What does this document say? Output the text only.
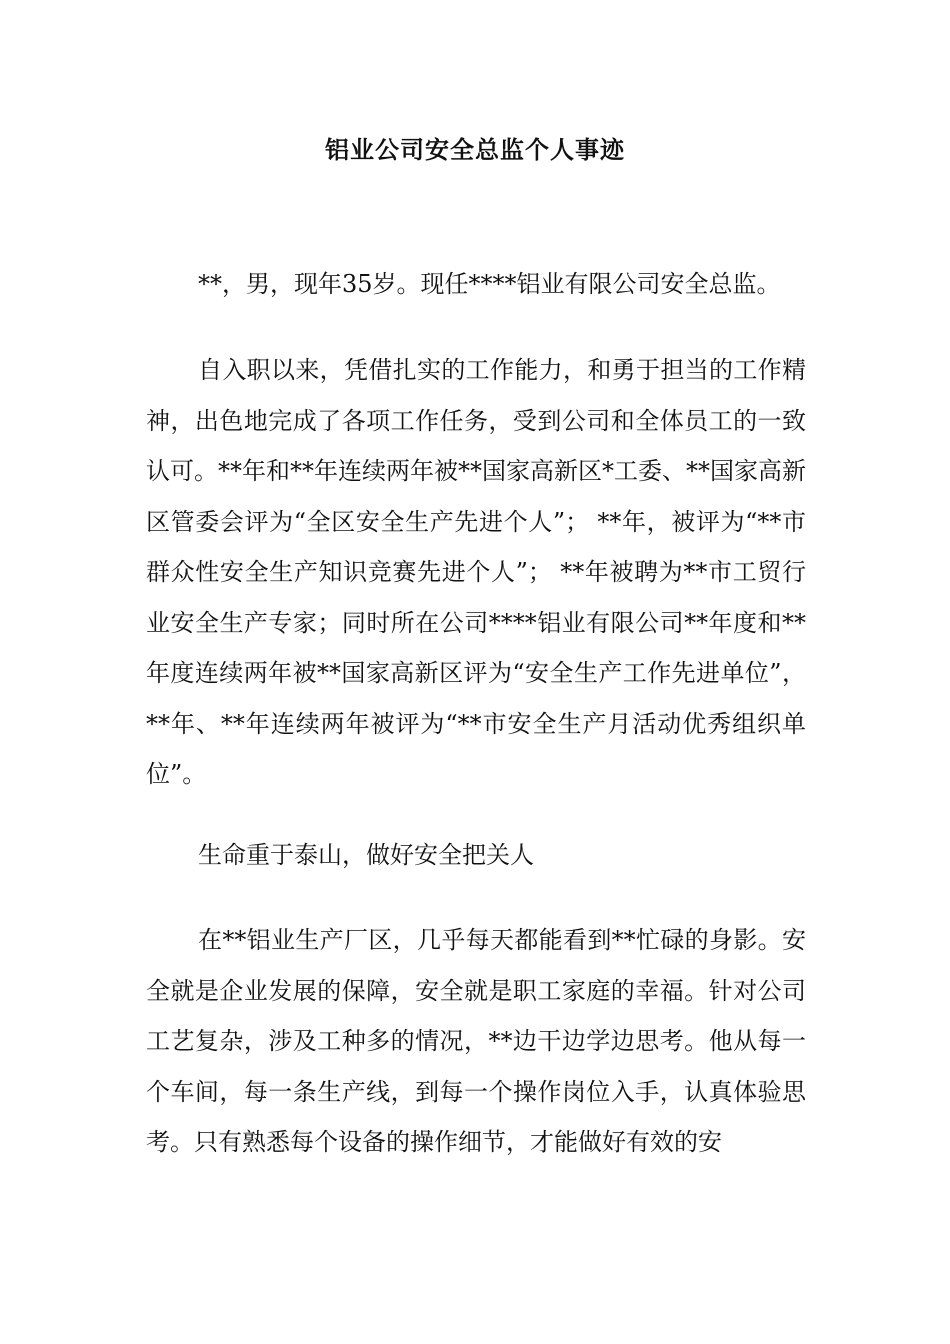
铝业公司安全总监个人事迹

**，男，现年35岁。现任****铝业有限公司安全总监。

自入职以来，凭借扎实的工作能力，和勇于担当的工作精神，出色地完成了各项工作任务，受到公司和全体员工的一致认可。**年和**年连续两年被**国家高新区*工委、**国家高新区管委会评为“全区安全生产先进个人”； **年，被评为“**市群众性安全生产知识竞赛先进个人”； **年被聘为**市工贸行业安全生产专家；同时所在公司****铝业有限公司**年度和**年度连续两年被**国家高新区评为“安全生产工作先进单位”，**年、**年连续两年被评为“**市安全生产月活动优秀组织单位”。

生命重于泰山，做好安全把关人

在**铝业生产厂区，几乎每天都能看到**忙碌的身影。安全就是企业发展的保障，安全就是职工家庭的幸福。针对公司工艺复杂，涉及工种多的情况，**边干边学边思考。他从每一个车间，每一条生产线，到每一个操作岗位入手，认真体验思考。只有熟悉每个设备的操作细节，才能做好有效的安
